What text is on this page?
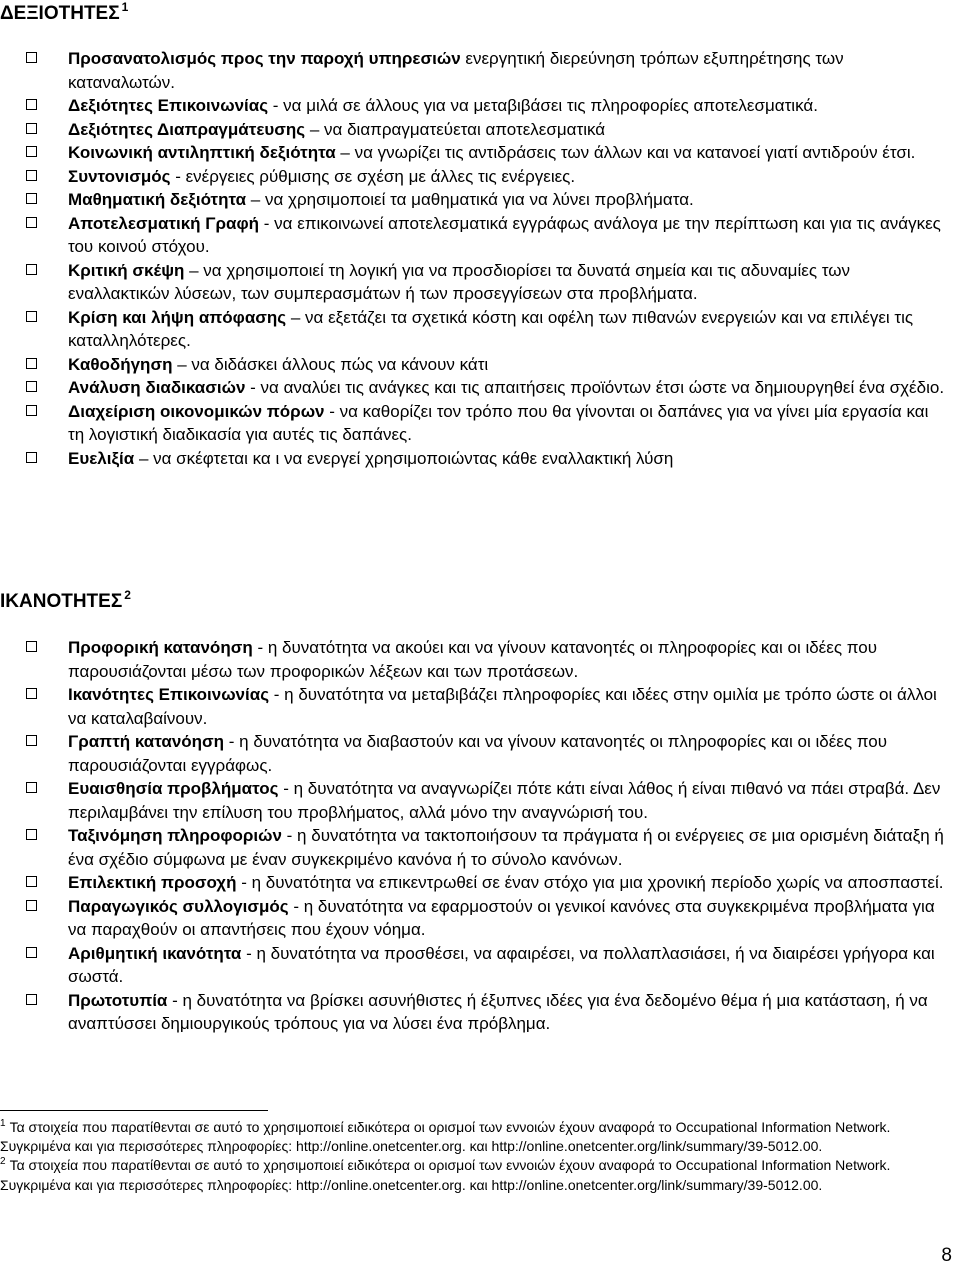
ΔΕΞΙΟΤΗΤΕΣ $^1$
Προσανατολισμός προς την παροχή υπηρεσιών ενεργητική διερεύνηση τρόπων εξυπηρέτησης των καταναλωτών.
Δεξιότητες Επικοινωνίας - να μιλά σε άλλους για να μεταβιβάσει τις πληροφορίες αποτελεσματικά.
Δεξιότητες Διαπραγμάτευσης – να διαπραγματεύεται αποτελεσματικά
Κοινωνική αντιληπτική δεξιότητα – να γνωρίζει τις αντιδράσεις των άλλων και να κατανοεί γιατί αντιδρούν έτσι.
Συντονισμός - ενέργειες ρύθμισης σε σχέση με άλλες τις ενέργειες.
Μαθηματική δεξιότητα – να χρησιμοποιεί τα μαθηματικά για να λύνει προβλήματα.
Αποτελεσματική Γραφή - να επικοινωνεί αποτελεσματικά εγγράφως ανάλογα με την περίπτωση και για τις ανάγκες του κοινού στόχου.
Κριτική σκέψη – να χρησιμοποιεί τη λογική για να προσδιορίσει τα δυνατά σημεία και τις αδυναμίες των εναλλακτικών λύσεων, των συμπερασμάτων ή των προσεγγίσεων στα προβλήματα.
Κρίση και λήψη απόφασης – να εξετάζει τα σχετικά κόστη και οφέλη των πιθανών ενεργειών και να επιλέγει τις καταλληλότερες.
Καθοδήγηση – να διδάσκει άλλους πώς να κάνουν κάτι
Ανάλυση διαδικασιών - να αναλύει τις ανάγκες και τις απαιτήσεις προϊόντων έτσι ώστε να δημιουργηθεί ένα σχέδιο.
Διαχείριση οικονομικών πόρων - να καθορίζει τον τρόπο που θα γίνονται οι δαπάνες για να γίνει μία εργασία και τη λογιστική διαδικασία για αυτές τις δαπάνες.
Ευελιξία – να σκέφτεται κα ι να ενεργεί χρησιμοποιώντας κάθε εναλλακτική λύση
ΙΚΑΝΟΤΗΤΕΣ $^2$
Προφορική κατανόηση - η δυνατότητα να ακούει και να γίνουν κατανοητές οι πληροφορίες και οι ιδέες που παρουσιάζονται μέσω των προφορικών λέξεων και των προτάσεων.
Ικανότητες Επικοινωνίας - η δυνατότητα να μεταβιβάζει πληροφορίες και ιδέες στην ομιλία με τρόπο ώστε οι άλλοι να καταλαβαίνουν.
Γραπτή κατανόηση - η δυνατότητα να διαβαστούν και να γίνουν κατανοητές οι πληροφορίες και οι ιδέες που παρουσιάζονται εγγράφως.
Ευαισθησία προβλήματος - η δυνατότητα να αναγνωρίζει πότε κάτι είναι λάθος ή είναι πιθανό να πάει στραβά. Δεν περιλαμβάνει την επίλυση του προβλήματος, αλλά μόνο την αναγνώρισή του.
Ταξινόμηση πληροφοριών - η δυνατότητα να τακτοποιήσουν τα πράγματα ή οι ενέργειες σε μια ορισμένη διάταξη ή ένα σχέδιο σύμφωνα με έναν συγκεκριμένο κανόνα ή το σύνολο κανόνων.
Επιλεκτική προσοχή - η δυνατότητα να επικεντρωθεί σε έναν στόχο για μια χρονική περίοδο χωρίς να αποσπαστεί.
Παραγωγικός συλλογισμός - η δυνατότητα να εφαρμοστούν οι γενικοί κανόνες στα συγκεκριμένα προβλήματα για να παραχθούν οι απαντήσεις που έχουν νόημα.
Αριθμητική ικανότητα - η δυνατότητα να προσθέσει, να αφαιρέσει, να πολλαπλασιάσει, ή να διαιρέσει γρήγορα και σωστά.
Πρωτοτυπία - η δυνατότητα να βρίσκει ασυνήθιστες ή έξυπνες ιδέες για ένα δεδομένο θέμα ή μια κατάσταση, ή να αναπτύσσει δημιουργικούς τρόπους για να λύσει ένα πρόβλημα.

$^1$ Τα στοιχεία που παρατίθενται σε αυτό το χρησιμοποιεί ειδικότερα οι ορισμοί των εννοιών έχουν αναφορά το Occupational Information Network. Συγκριμένα και για περισσότερες πληροφορίες: http://online.onetcenter.org. και http://online.onetcenter.org/link/summary/39-5012.00.

$^2$ Τα στοιχεία που παρατίθενται σε αυτό το χρησιμοποιεί ειδικότερα οι ορισμοί των εννοιών έχουν αναφορά το Occupational Information Network. Συγκριμένα και για περισσότερες πληροφορίες: http://online.onetcenter.org. και http://online.onetcenter.org/link/summary/39-5012.00.

8
